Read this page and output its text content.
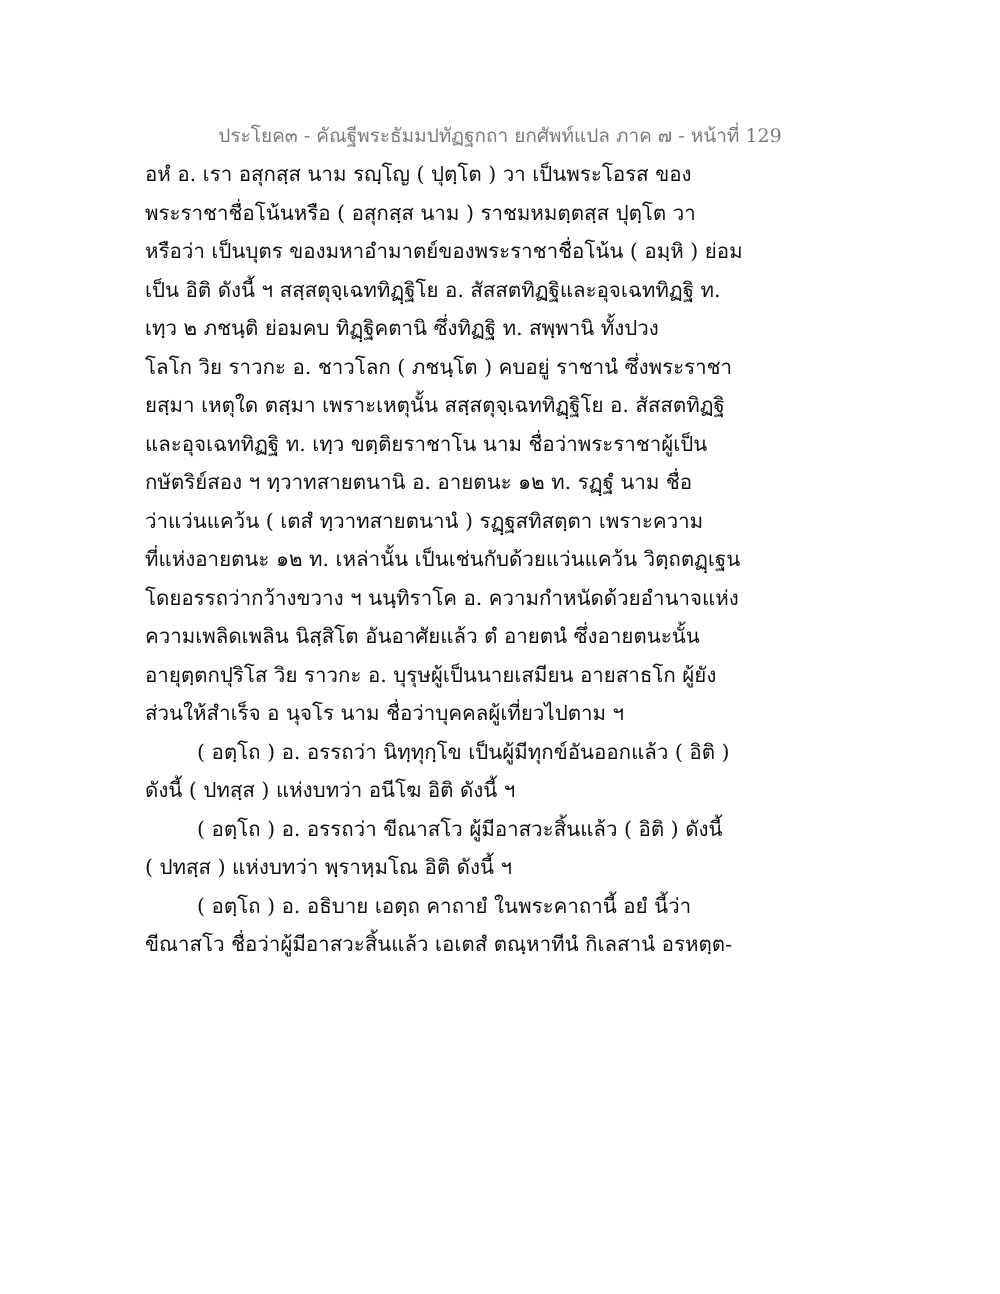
ประโยค๓ - คัณฐีพระธัมมปทัฏฐกถา ยกศัพท์แปล ภาค ๗ - หน้าที่ 129
อหํ อ. เรา อสุกสฺส นาม รญฺโญ ( ปุตฺโต ) วา เป็นพระโอรส ของ
พระราชาชื่อโน้นหรือ ( อสุกสฺส นาม ) ราชมหมตฺตสฺส ปุตฺโต วา
หรือว่า เป็นบุตร ของมหาอำมาตย์ของพระราชาชื่อโน้น ( อมฺหิ ) ย่อม
เป็น อิติ ดังนี้ ฯ สสฺสตุจฺเฉททิฏฺฐิโย อ. สัสสตทิฏฐิและอุจเฉททิฏฐิ ท.
เทฺว ๒ ภชนฺติ ย่อมคบ ทิฏฺฐิคตานิ ซึ่งทิฏฐิ ท. สพฺพานิ ทั้งปวง
โลโก วิย ราวกะ อ. ชาวโลก ( ภชนฺโต ) คบอยู่ ราชานํ ซึ่งพระราชา
ยสฺมา เหตุใด ตสฺมา เพราะเหตุนั้น สสฺสตุจฺเฉททิฏฺฐิโย อ. สัสสตทิฏฐิ
และอุจเฉททิฏฐิ ท. เทฺว ขตฺติยราชาโน นาม ชื่อว่าพระราชาผู้เป็น
กษัตริย์สอง ฯ ทฺวาทสายตนานิ อ. อายตนะ ๑๒ ท. รฏฺฐํ นาม ชื่อ
ว่าแว่นแคว้น ( เตสํ ทฺวาทสายตนานํ ) รฏฺฐสทิสตฺตา เพราะความ
ที่แห่งอายตนะ ๑๒ ท. เหล่านั้น เป็นเช่นกับด้วยแว่นแคว้น วิตฺถตฏฺเฐน
โดยอรรถว่ากว้างขวาง ฯ นนฺทิราโค อ. ความกำหนัดด้วยอำนาจแห่ง
ความเพลิดเพลิน นิสฺสิโต อันอาศัยแล้ว ตํ อายตนํ ซึ่งอายตนะนั้น
อายุตฺตกปุริโส วิย ราวกะ อ. บุรุษผู้เป็นนายเสมียน อายสาธโก ผู้ยัง
ส่วนให้สำเร็จ อ นุจโร นาม ชื่อว่าบุคคลผู้เที่ยวไปตาม ฯ
( อตฺโถ ) อ. อรรถว่า นิทฺทุกฺโข เป็นผู้มีทุกข์อันออกแล้ว ( อิติ )
ดังนี้ ( ปทสฺส ) แห่งบทว่า อนีโฆ อิติ ดังนี้ ฯ
( อตฺโถ ) อ. อรรถว่า ขีณาสโว ผู้มีอาสวะสิ้นแล้ว ( อิติ ) ดังนี้
( ปทสฺส ) แห่งบทว่า พฺราหฺมโณ อิติ ดังนี้ ฯ
( อตฺโถ ) อ. อธิบาย เอตฺถ คาถายํ ในพระคาถานี้ อยํ นี้ว่า
ขีณาสโว ชื่อว่าผู้มีอาสวะสิ้นแล้ว เอเตสํ ตณฺหาทีนํ กิเลสานํ อรหตฺต-
